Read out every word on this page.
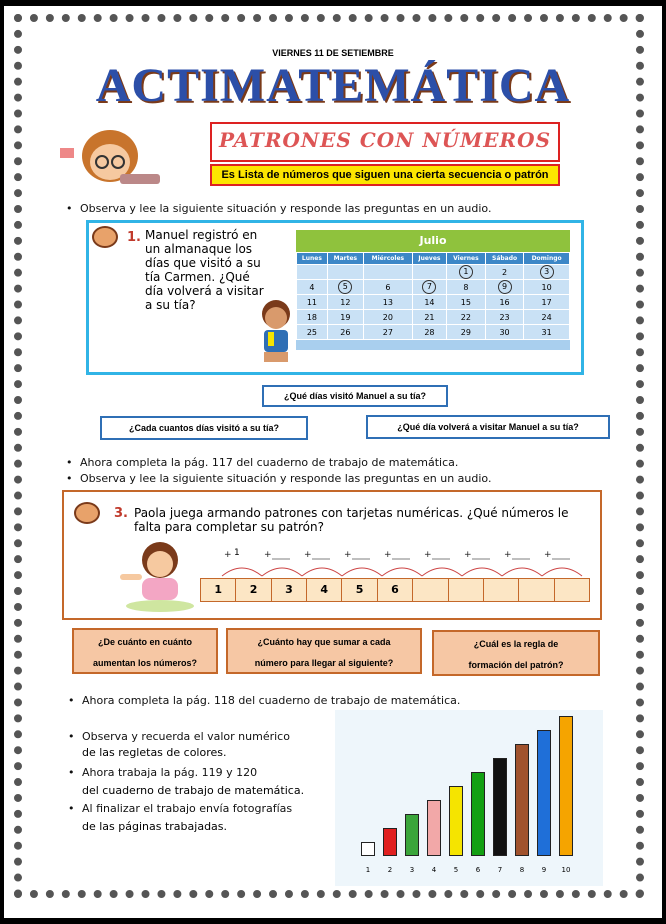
VIERNES 11 DE SETIEMBRE
ACTIMATEMÁTICA
PATRONES CON NÚMEROS
Es Lista de números que siguen una cierta secuencia o patrón
• Observa y lee la siguiente situación y responde las preguntas en un audio.
1. Manuel registró en un almanaque los días que visitó a su tía Carmen. ¿Qué día volverá a visitar a su tía?
Julio
Lunes	Martes	Miércoles	Jueves	Viernes	Sábado	Domingo
				1	2	3
4	5	6	7	8	9	10
11	12	13	14	15	16	17
18	19	20	21	22	23	24
25	26	27	28	29	30	31
¿Qué días visitó Manuel a su tía?
¿Cada cuantos días visitó a su tía?	¿Qué día volverá a visitar Manuel a su tía?
• Ahora completa la pág. 117 del cuaderno de trabajo de matemática.
• Observa y lee la siguiente situación y responde las preguntas en un audio.
3. Paola juega armando patrones con tarjetas numéricas. ¿Qué números le falta para completar su patrón?
+	+	+	+	+	+	+	+	+
1
1	2	3	4	5	6
¿De cuánto en cuánto
aumentan los números?
¿Cuánto hay que sumar a cada
número para llegar al siguiente?
¿Cuál es la regla de
formación del patrón?
• Ahora completa la pág. 118 del cuaderno de trabajo de matemática.
• Observa y recuerda el valor numérico
de las regletas de colores.
• Ahora trabaja la pág. 119 y 120
del cuaderno de trabajo de matemática.
• Al finalizar el trabajo envía fotografías
de las páginas trabajadas.
1	2	3	4	5	6	7	8	9	10
